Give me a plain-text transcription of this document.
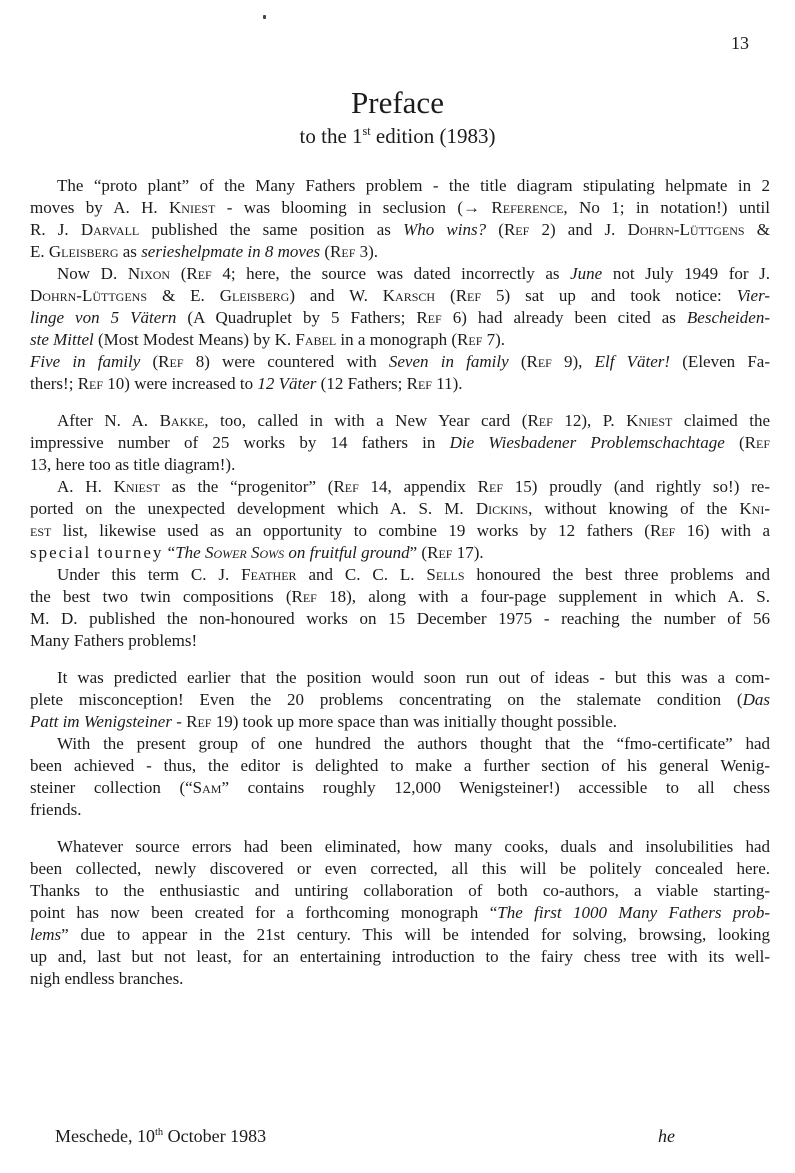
13
Preface
to the 1st edition (1983)
The “proto plant” of the Many Fathers problem - the title diagram stipulating helpmate in 2
moves by A. H. Kniest - was blooming in seclusion (→ Reference, No 1; in notation!) until
R. J. Darvall published the same position as Who wins? (Ref 2) and J. Dohrn-Lüttgens &
E. Gleisberg as serieshelpmate in 8 moves (Ref 3).
Now D. Nixon (Ref 4; here, the source was dated incorrectly as June not July 1949 for J.
Dohrn-Lüttgens & E. Gleisberg) and W. Karsch (Ref 5) sat up and took notice: Vier-
linge von 5 Vätern (A Quadruplet by 5 Fathers; Ref 6) had already been cited as Bescheiden-
ste Mittel (Most Modest Means) by K. Fabel in a monograph (Ref 7).
Five in family (Ref 8) were countered with Seven in family (Ref 9), Elf Väter! (Eleven Fa-
thers!; Ref 10) were increased to 12 Väter (12 Fathers; Ref 11).
After N. A. Bakke, too, called in with a New Year card (Ref 12), P. Kniest claimed the
impressive number of 25 works by 14 fathers in Die Wiesbadener Problemschachtage (Ref
13, here too as title diagram!).
A. H. Kniest as the “progenitor” (Ref 14, appendix Ref 15) proudly (and rightly so!) re-
ported on the unexpected development which A. S. M. Dickins, without knowing of the Kni-
est list, likewise used as an opportunity to combine 19 works by 12 fathers (Ref 16) with a
special tourney “The Sower Sows on fruitful ground” (Ref 17).
Under this term C. J. Feather and C. C. L. Sells honoured the best three problems and
the best two twin compositions (Ref 18), along with a four-page supplement in which A. S.
M. D. published the non-honoured works on 15 December 1975 - reaching the number of 56
Many Fathers problems!
It was predicted earlier that the position would soon run out of ideas - but this was a com-
plete misconception! Even the 20 problems concentrating on the stalemate condition (Das
Patt im Wenigsteiner - Ref 19) took up more space than was initially thought possible.
With the present group of one hundred the authors thought that the “fmo-certificate” had
been achieved - thus, the editor is delighted to make a further section of his general Wenig-
steiner collection (“Sam” contains roughly 12,000 Wenigsteiner!) accessible to all chess
friends.
Whatever source errors had been eliminated, how many cooks, duals and insolubilities had
been collected, newly discovered or even corrected, all this will be politely concealed here.
Thanks to the enthusiastic and untiring collaboration of both co-authors, a viable starting-
point has now been created for a forthcoming monograph “The first 1000 Many Fathers prob-
lems” due to appear in the 21st century. This will be intended for solving, browsing, looking
up and, last but not least, for an entertaining introduction to the fairy chess tree with its well-
nigh endless branches.
Meschede, 10th October 1983	he
